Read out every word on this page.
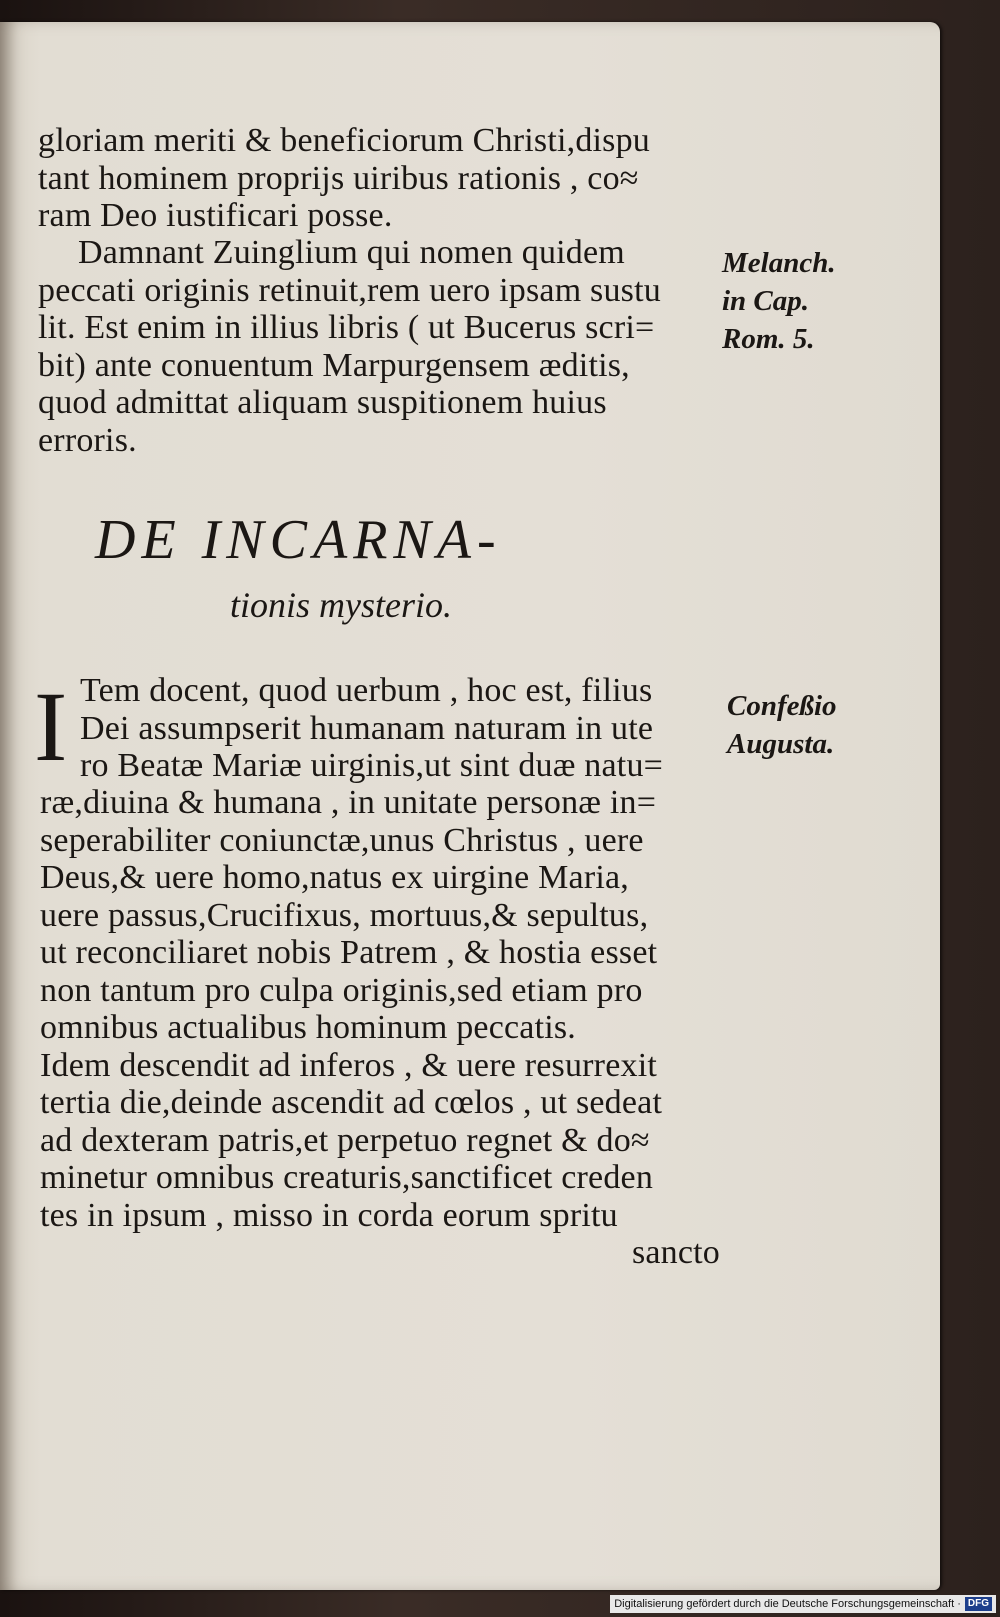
gloriam meriti & beneficiorum Christi,dispu
tant hominem proprijs uiribus rationis , co≈
ram Deo iustificari posse.
Damnant Zuinglium qui nomen quidem
peccati originis retinuit,rem uero ipsam sustu
lit. Est enim in illius libris ( ut Bucerus scri=
bit) ante conuentum Marpurgensem æditis,
quod admittat aliquam suspitionem huius
erroris.
Melanch.
in Cap.
Rom. 5.
DE INCARNA-
tionis mysterio.
I Tem docent, quod uerbum , hoc est, filius
Dei assumpserit humanam naturam in ute
ro Beatæ Mariæ uirginis,ut sint duæ natu=
ræ,diuina & humana , in unitate personæ in=
seperabiliter coniunctæ,unus Christus , uere
Deus,& uere homo,natus ex uirgine Maria,
uere passus,Crucifixus, mortuus,& sepultus,
ut reconciliaret nobis Patrem , & hostia esset
non tantum pro culpa originis,sed etiam pro
omnibus actualibus hominum peccatis.
Idem descendit ad inferos , & uere resurrexit
tertia die,deinde ascendit ad cœlos , ut sedeat
ad dexteram patris,et perpetuo regnet & do≈
minetur omnibus creaturis,sanctificet creden
tes in ipsum , misso in corda eorum spritu
sancto
Confeßio
Augusta.
Digitalisierung gefördert durch die Deutsche Forschungsgemeinschaft · DFG
